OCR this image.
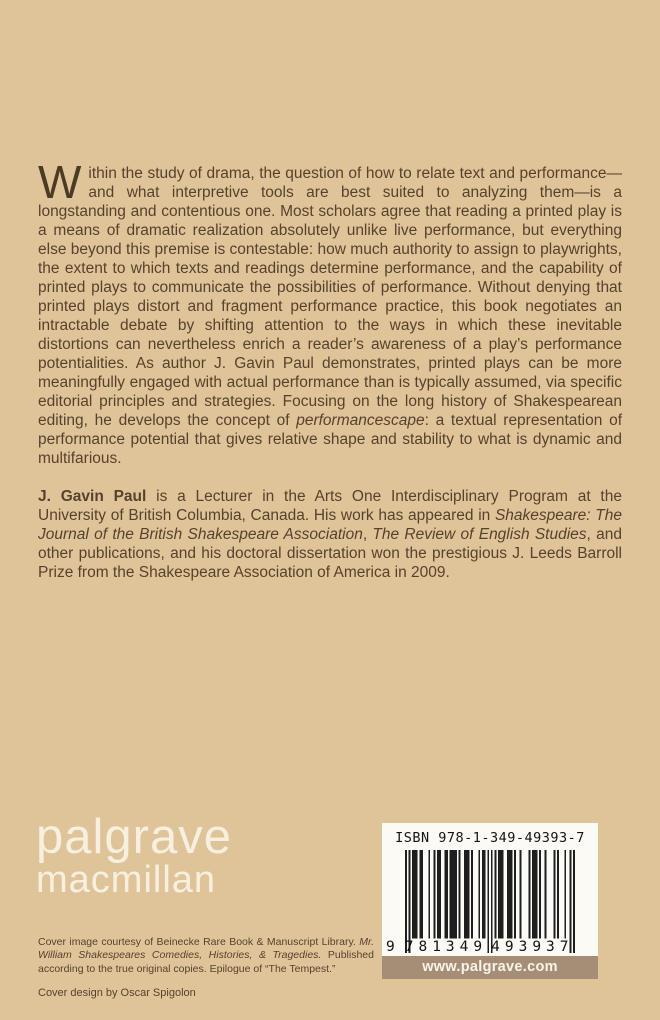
Within the study of drama, the question of how to relate text and performance—and what interpretive tools are best suited to analyzing them—is a longstanding and contentious one. Most scholars agree that reading a printed play is a means of dramatic realization absolutely unlike live performance, but everything else beyond this premise is contestable: how much authority to assign to playwrights, the extent to which texts and readings determine performance, and the capability of printed plays to communicate the possibilities of performance. Without denying that printed plays distort and fragment performance practice, this book negotiates an intractable debate by shifting attention to the ways in which these inevitable distortions can nevertheless enrich a reader’s awareness of a play’s performance potentialities. As author J. Gavin Paul demonstrates, printed plays can be more meaningfully engaged with actual performance than is typically assumed, via specific editorial principles and strategies. Focusing on the long history of Shakespearean editing, he develops the concept of performancescape: a textual representation of performance potential that gives relative shape and stability to what is dynamic and multifarious.

J. Gavin Paul is a Lecturer in the Arts One Interdisciplinary Program at the University of British Columbia, Canada. His work has appeared in Shakespeare: The Journal of the British Shakespeare Association, The Review of English Studies, and other publications, and his doctoral dissertation won the prestigious J. Leeds Barroll Prize from the Shakespeare Association of America in 2009.

palgrave
macmillan
ISBN 978-1-349-49393-7
9 781349 493937
www.palgrave.com

Cover image courtesy of Beinecke Rare Book & Manuscript Library. Mr. William Shakespeares Comedies, Histories, & Tragedies. Published according to the true original copies. Epilogue of “The Tempest.”

Cover design by Oscar Spigolon
